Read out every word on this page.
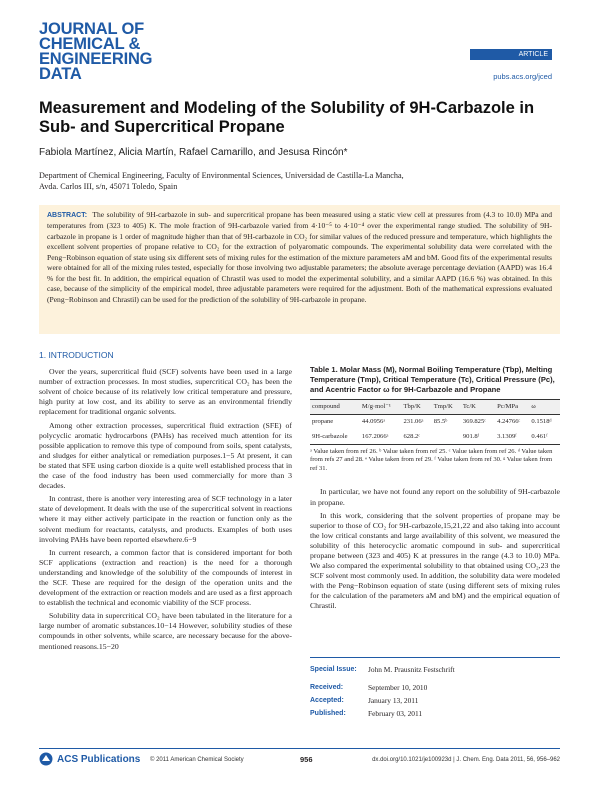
JOURNAL OF
CHEMICAL &
ENGINEERING
DATA
ARTICLE
pubs.acs.org/jced
Measurement and Modeling of the Solubility of 9H-Carbazole in Sub- and Supercritical Propane
Fabiola Martínez, Alicia Martín, Rafael Camarillo, and Jesusa Rincón*
Department of Chemical Engineering, Faculty of Environmental Sciences, Universidad de Castilla-La Mancha,
Avda. Carlos III, s/n, 45071 Toledo, Spain
ABSTRACT: The solubility of 9H-carbazole in sub- and supercritical propane has been measured using a static view cell at pressures from (4.3 to 10.0) MPa and temperatures from (323 to 405) K. The mole fraction of 9H-carbazole varied from 4·10⁻⁵ to 4·10⁻⁴ over the experimental range studied. The solubility of 9H-carbazole in propane is 1 order of magnitude higher than that of 9H-carbazole in CO₂ for similar values of the reduced pressure and temperature, which highlights the excellent solvent properties of propane relative to CO₂ for the extraction of polyaromatic compounds. The experimental solubility data were correlated with the Peng−Robinson equation of state using six different sets of mixing rules for the estimation of the mixture parameters aM and bM. Good fits of the experimental results were obtained for all of the mixing rules tested, especially for those involving two adjustable parameters; the absolute average percentage deviation (AAPD) was 16.4 % for the best fit. In addition, the empirical equation of Chrastil was used to model the experimental solubility, and a similar AAPD (16.6 %) was obtained. In this case, because of the simplicity of the empirical model, three adjustable parameters were required for the adjustment. Both of the mathematical expressions evaluated (Peng−Robinson and Chrastil) can be used for the prediction of the solubility of 9H-carbazole in propane.
1. INTRODUCTION

Over the years, supercritical fluid (SCF) solvents have been used in a large number of extraction processes. In most studies, supercritical CO₂ has been the solvent of choice because of its relatively low critical temperature and pressure, high purity at low cost, and its ability to serve as an environmental friendly replacement for traditional organic solvents.

Among other extraction processes, supercritical fluid extraction (SFE) of polycyclic aromatic hydrocarbons (PAHs) has received much attention for its possible application to remove this type of compound from soils, spent catalysts, and sludges for either analytical or remediation purposes.1−5 At present, it can be stated that SFE using carbon dioxide is a quite well established process that in the case of the food industry has been used commercially for more than 3 decades.

In contrast, there is another very interesting area of SCF technology in a later state of development. It deals with the use of the supercritical solvent in reactions where it may either actively participate in the reaction or function only as the solvent medium for reactants, catalysts, and products. Examples of both uses involving PAHs have been reported elsewhere.6−9

In current research, a common factor that is considered important for both SCF applications (extraction and reaction) is the need for a thorough understanding and knowledge of the solubility of the compounds of interest in the SCF. These are required for the design of the operation units and the development of the extraction or reaction models and are used as a first approach to establish the technical and economic viability of the SCF process.

Solubility data in supercritical CO₂ have been tabulated in the literature for a large number of aromatic substances.10−14 However, solubility studies of these compounds in other solvents, while scarce, are necessary because for the above-mentioned reasons.15−20

Table 1. Molar Mass (M), Normal Boiling Temperature (Tbp), Melting Temperature (Tmp), Critical Temperature (Tc), Critical Pressure (Pc), and Acentric Factor ω for 9H-Carbazole and Propane
compound	M/g·mol⁻¹	Tbp/K	Tmp/K	Tc/K	Pc/MPa	ω
propane	44.0956ᵃ	231.06ᵃ	85.5ᵇ	369.825ᶜ	4.24766ᶜ	0.1518ᵈ
9H-carbazole	167.2066ᵃ	628.2ᶜ		901.8ᶠ	3.1309ᶠ	0.461ᶠ
ᵃ Value taken from ref 26. ᵇ Value taken from ref 25. ᶜ Value taken from ref 26. ᵈ Value taken from refs 27 and 28. ᵉ Value taken from ref 29. ᶠ Value taken from ref 30. ᵍ Value taken from ref 31.

In particular, we have not found any report on the solubility of 9H-carbazole in propane.

In this work, considering that the solvent properties of propane may be superior to those of CO₂ for 9H-carbazole,15,21,22 and also taking into account the low critical constants and large availability of this solvent, we measured the solubility of this heterocyclic aromatic compound in sub- and supercritical propane between (323 and 405) K at pressures in the range (4.3 to 10.0) MPa. We also compared the experimental solubility to that obtained using CO₂,23 the SCF solvent most commonly used. In addition, the solubility data were modeled with the Peng−Robinson equation of state (using different sets of mixing rules for the calculation of the parameters aM and bM) and the empirical equation of Chrastil.

Special Issue:	John M. Prausnitz Festschrift
Received:	September 10, 2010
Accepted:	January 13, 2011
Published:	February 03, 2011
ACS Publications © 2011 American Chemical Society	956	dx.doi.org/10.1021/je100923d | J. Chem. Eng. Data 2011, 56, 956–962
